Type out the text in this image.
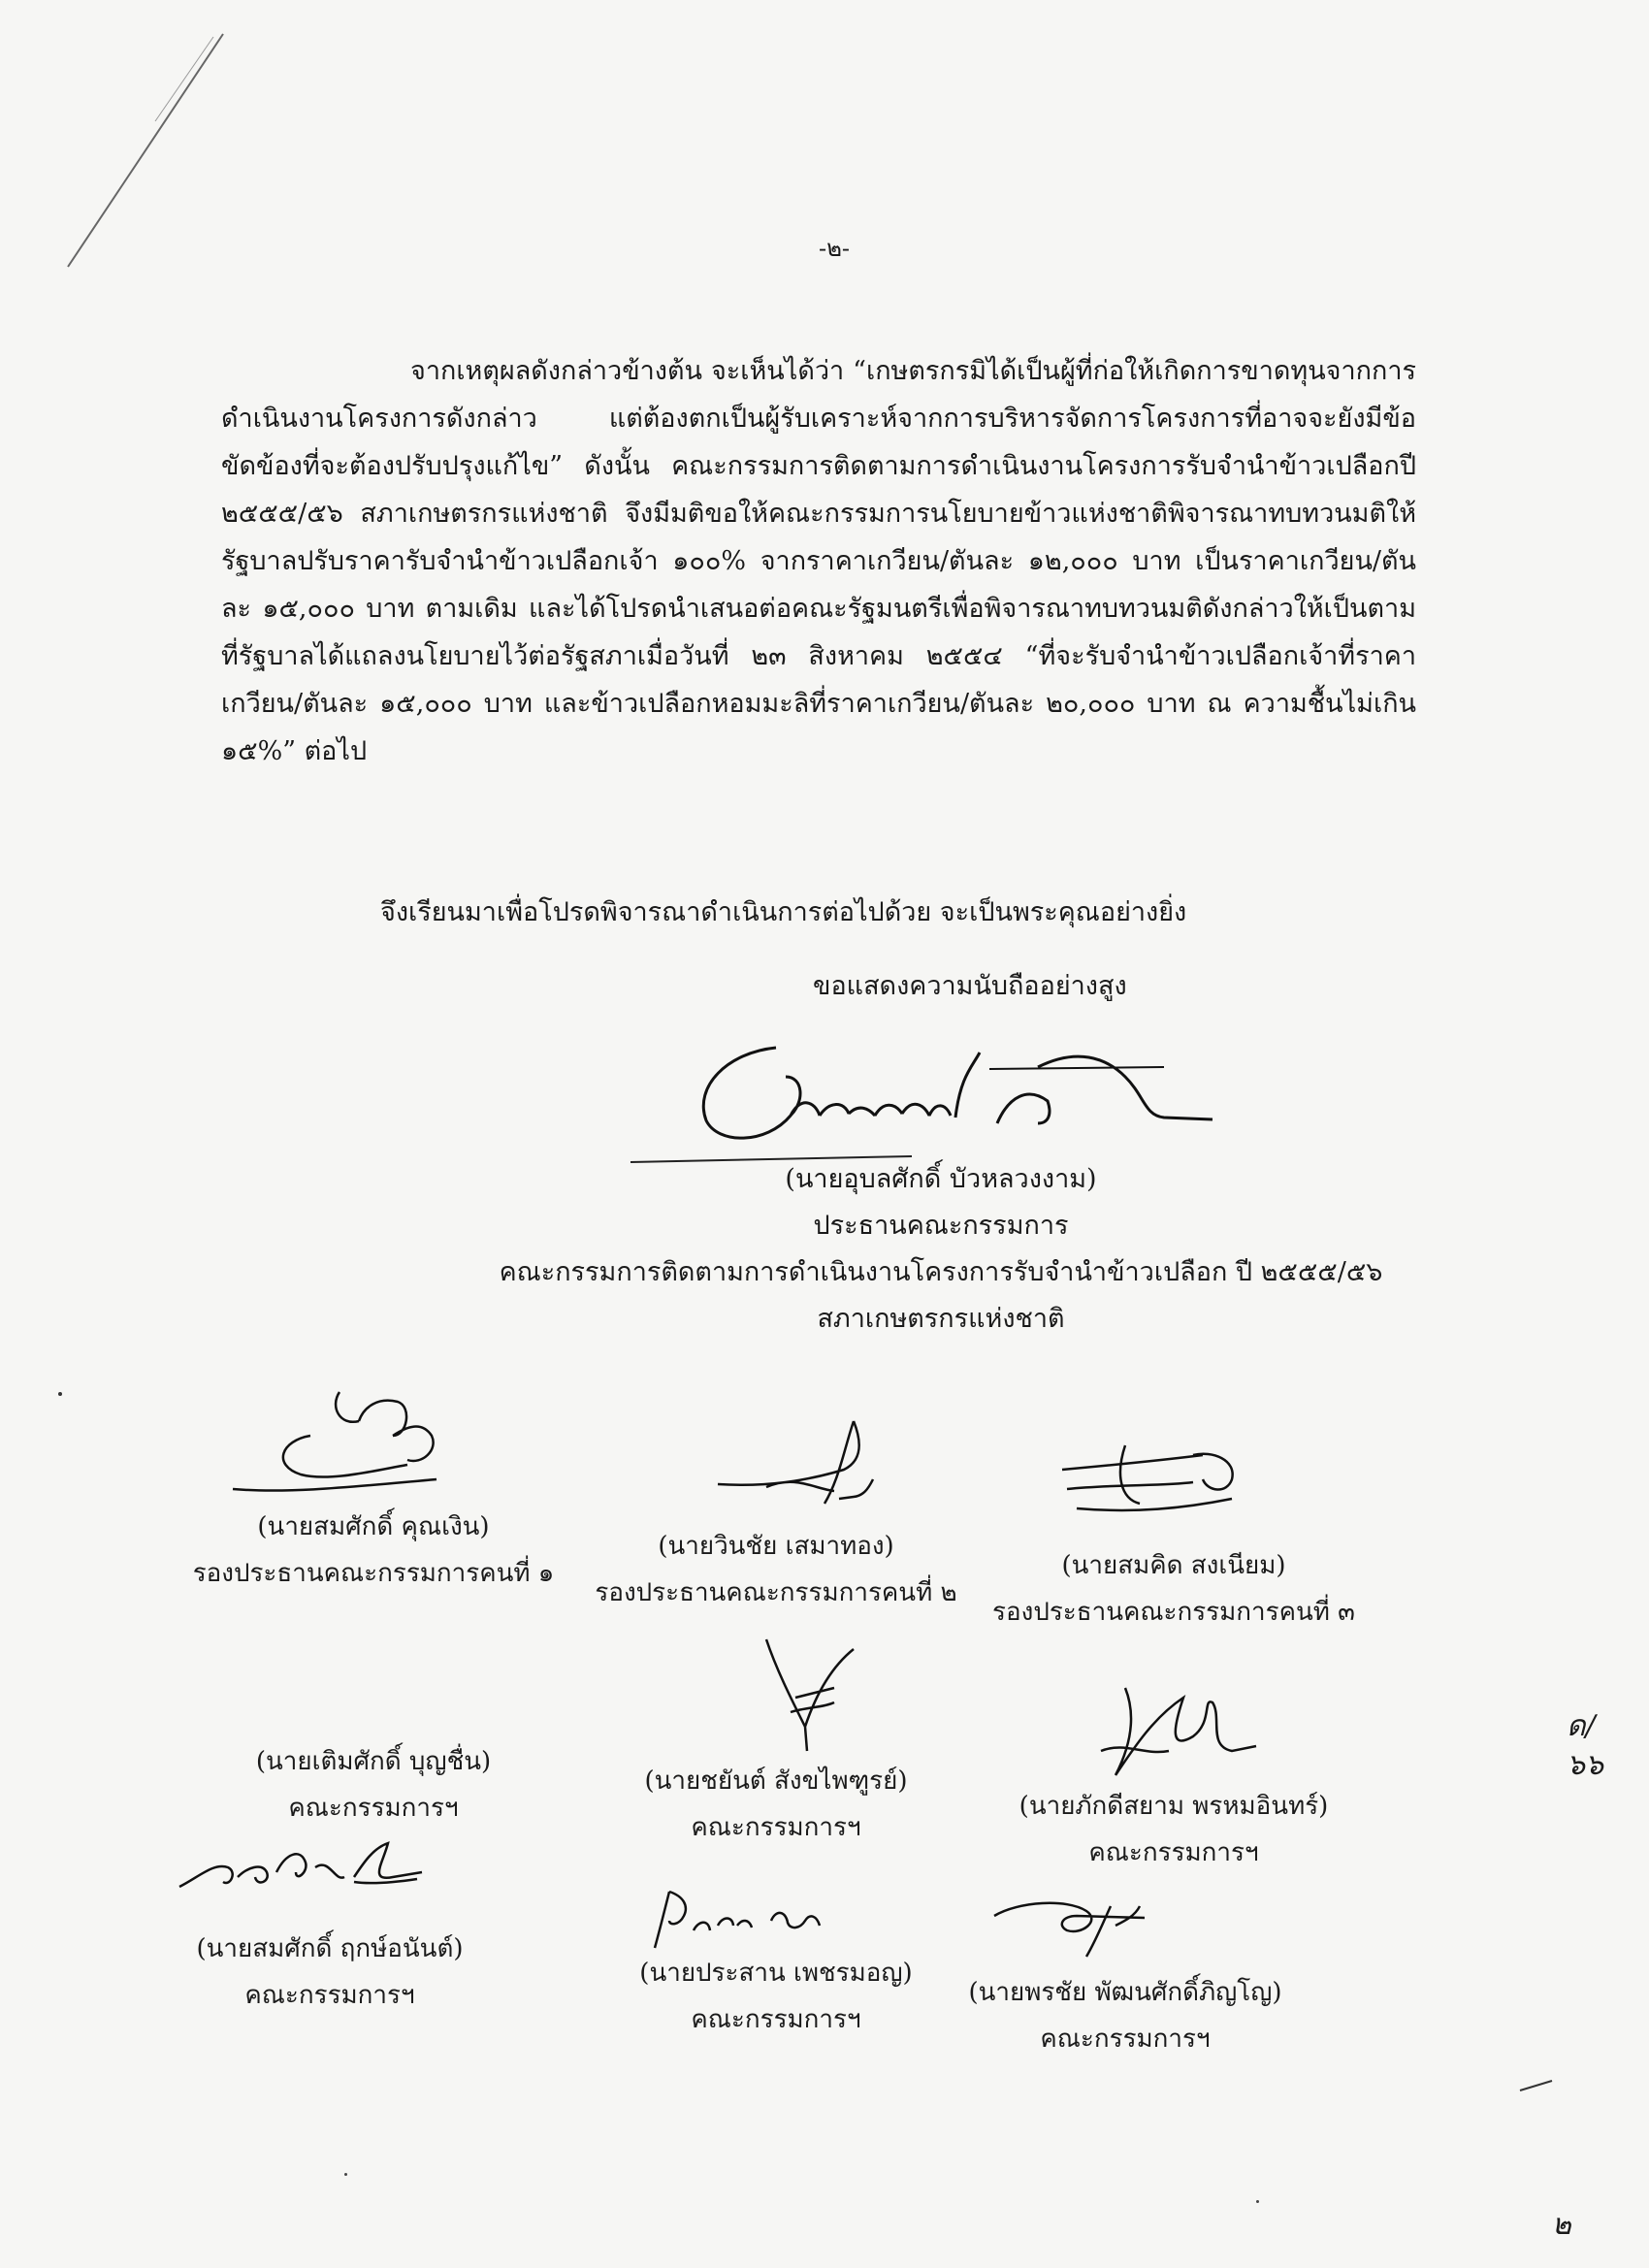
-๒-

จากเหตุผลดังกล่าวข้างต้น จะเห็นได้ว่า “เกษตรกรมิได้เป็นผู้ที่ก่อให้เกิดการขาดทุนจากการดำเนินงานโครงการดังกล่าว แต่ต้องตกเป็นผู้รับเคราะห์จากการบริหารจัดการโครงการที่อาจจะยังมีข้อขัดข้องที่จะต้องปรับปรุงแก้ไข” ดังนั้น คณะกรรมการติดตามการดำเนินงานโครงการรับจำนำข้าวเปลือกปี ๒๕๕๕/๕๖ สภาเกษตรกรแห่งชาติ จึงมีมติขอให้คณะกรรมการนโยบายข้าวแห่งชาติพิจารณาทบทวนมติให้รัฐบาลปรับราคารับจำนำข้าวเปลือกเจ้า ๑๐๐% จากราคาเกวียน/ตันละ ๑๒,๐๐๐ บาท เป็นราคาเกวียน/ตันละ ๑๕,๐๐๐ บาท ตามเดิม และได้โปรดนำเสนอต่อคณะรัฐมนตรีเพื่อพิจารณาทบทวนมติดังกล่าวให้เป็นตามที่รัฐบาลได้แถลงนโยบายไว้ต่อรัฐสภาเมื่อวันที่ ๒๓ สิงหาคม ๒๕๕๔ “ที่จะรับจำนำข้าวเปลือกเจ้าที่ราคาเกวียน/ตันละ ๑๕,๐๐๐ บาท และข้าวเปลือกหอมมะลิที่ราคาเกวียน/ตันละ ๒๐,๐๐๐ บาท ณ ความชื้นไม่เกิน ๑๕%” ต่อไป

จึงเรียนมาเพื่อโปรดพิจารณาดำเนินการต่อไปด้วย จะเป็นพระคุณอย่างยิ่ง
ขอแสดงความนับถืออย่างสูง
(นายอุบลศักดิ์ บัวหลวงงาม)
ประธานคณะกรรมการ
คณะกรรมการติดตามการดำเนินงานโครงการรับจำนำข้าวเปลือก ปี ๒๕๕๕/๕๖
สภาเกษตรกรแห่งชาติ
(นายสมศักดิ์ คุณเงิน)
รองประธานคณะกรรมการคนที่ ๑
(นายวินชัย เสมาทอง)
รองประธานคณะกรรมการคนที่ ๒
(นายสมคิด สงเนียม)
รองประธานคณะกรรมการคนที่ ๓
(นายเติมศักดิ์ บุญชื่น)
คณะกรรมการฯ
(นายชยันต์ สังขไพฑูรย์)
คณะกรรมการฯ
(นายภักดีสยาม พรหมอินทร์)
คณะกรรมการฯ
(นายสมศักดิ์ ฤกษ์อนันต์)
คณะกรรมการฯ
(นายประสาน เพชรมอญ)
คณะกรรมการฯ
(นายพรชัย พัฒนศักดิ์ภิญโญ)
คณะกรรมการฯ
ด/ ๖๖
๒
